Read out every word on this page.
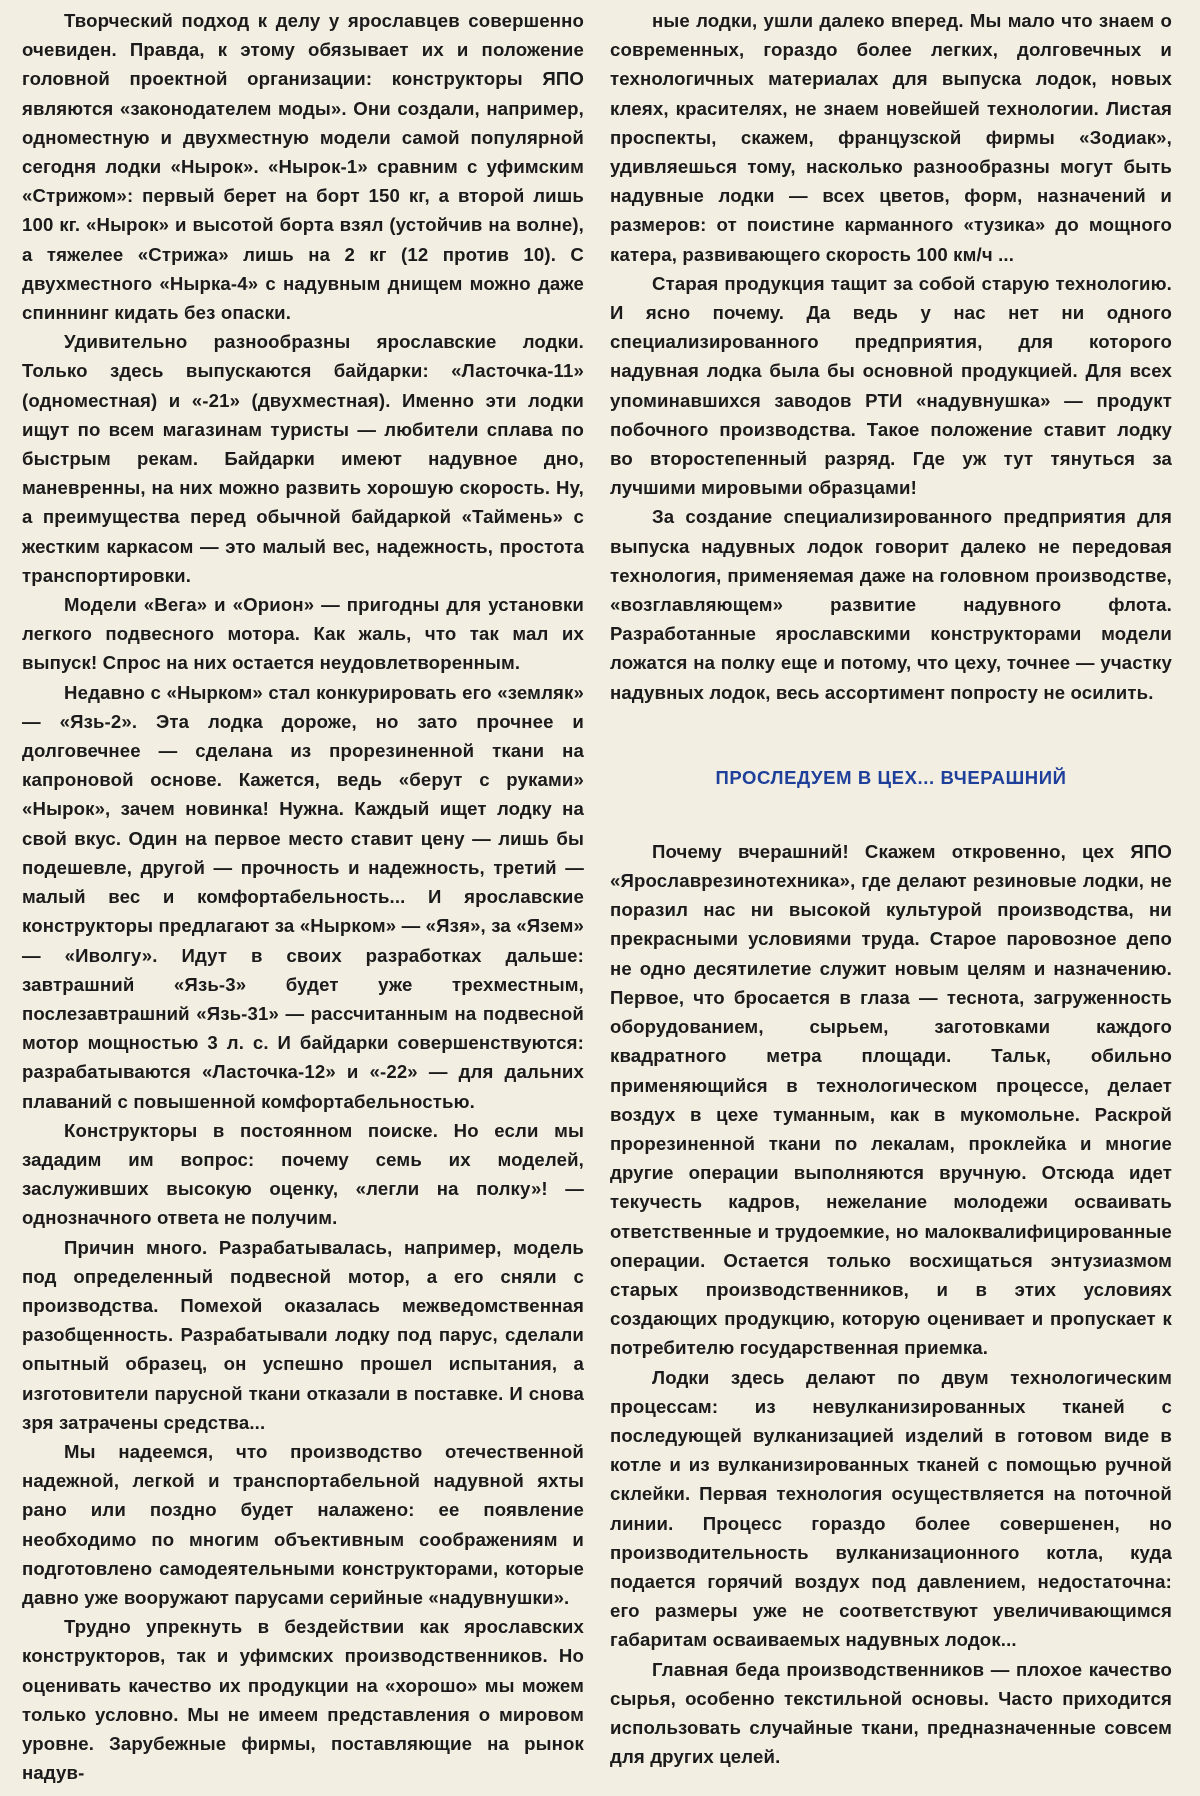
Творческий подход к делу у ярославцев совершенно очевиден. Правда, к этому обязывает их и положение головной проектной организации: конструкторы ЯПО являются «законодателем моды». Они создали, например, одноместную и двухместную модели самой популярной сегодня лодки «Нырок». «Нырок-1» сравним с уфимским «Стрижом»: первый берет на борт 150 кг, а второй лишь 100 кг. «Нырок» и высотой борта взял (устойчив на волне), а тяжелее «Стрижа» лишь на 2 кг (12 против 10). С двухместного «Нырка-4» с надувным днищем можно даже спиннинг кидать без опаски.

Удивительно разнообразны ярославские лодки. Только здесь выпускаются байдарки: «Ласточка-11» (одноместная) и «-21» (двухместная). Именно эти лодки ищут по всем магазинам туристы — любители сплава по быстрым рекам. Байдарки имеют надувное дно, маневренны, на них можно развить хорошую скорость. Ну, а преимущества перед обычной байдаркой «Таймень» с жестким каркасом — это малый вес, надежность, простота транспортировки.

Модели «Вега» и «Орион» — пригодны для установки легкого подвесного мотора. Как жаль, что так мал их выпуск! Спрос на них остается неудовлетворенным.

Недавно с «Нырком» стал конкурировать его «земляк» — «Язь-2». Эта лодка дороже, но зато прочнее и долговечнее — сделана из прорезиненной ткани на капроновой основе. Кажется, ведь «берут с руками» «Нырок», зачем новинка! Нужна. Каждый ищет лодку на свой вкус. Один на первое место ставит цену — лишь бы подешевле, другой — прочность и надежность, третий — малый вес и комфортабельность... И ярославские конструкторы предлагают за «Нырком» — «Язя», за «Язем» — «Иволгу». Идут в своих разработках дальше: завтрашний «Язь-3» будет уже трехместным, послезавтрашний «Язь-31» — рассчитанным на подвесной мотор мощностью 3 л. с. И байдарки совершенствуются: разрабатываются «Ласточка-12» и «-22» — для дальних плаваний с повышенной комфортабельностью.

Конструкторы в постоянном поиске. Но если мы зададим им вопрос: почему семь их моделей, заслуживших высокую оценку, «легли на полку»! — однозначного ответа не получим.

Причин много. Разрабатывалась, например, модель под определенный подвесной мотор, а его сняли с производства. Помехой оказалась межведомственная разобщенность. Разрабатывали лодку под парус, сделали опытный образец, он успешно прошел испытания, а изготовители парусной ткани отказали в поставке. И снова зря затрачены средства...

Мы надеемся, что производство отечественной надежной, легкой и транспортабельной надувной яхты рано или поздно будет налажено: ее появление необходимо по многим объективным соображениям и подготовлено самодеятельными конструкторами, которые давно уже вооружают парусами серийные «надувнушки».

Трудно упрекнуть в бездействии как ярославских конструкторов, так и уфимских производственников. Но оценивать качество их продукции на «хорошо» мы можем только условно. Мы не имеем представления о мировом уровне. Зарубежные фирмы, поставляющие на рынок надув-

ные лодки, ушли далеко вперед. Мы мало что знаем о современных, гораздо более легких, долговечных и технологичных материалах для выпуска лодок, новых клеях, красителях, не знаем новейшей технологии. Листая проспекты, скажем, французской фирмы «Зодиак», удивляешься тому, насколько разнообразны могут быть надувные лодки — всех цветов, форм, назначений и размеров: от поистине карманного «тузика» до мощного катера, развивающего скорость 100 км/ч ...

Старая продукция тащит за собой старую технологию. И ясно почему. Да ведь у нас нет ни одного специализированного предприятия, для которого надувная лодка была бы основной продукцией. Для всех упоминавшихся заводов РТИ «надувнушка» — продукт побочного производства. Такое положение ставит лодку во второстепенный разряд. Где уж тут тянуться за лучшими мировыми образцами!

За создание специализированного предприятия для выпуска надувных лодок говорит далеко не передовая технология, применяемая даже на головном производстве, «возглавляющем» развитие надувного флота. Разработанные ярославскими конструкторами модели ложатся на полку еще и потому, что цеху, точнее — участку надувных лодок, весь ассортимент попросту не осилить.

ПРОСЛЕДУЕМ В ЦЕХ... ВЧЕРАШНИЙ

Почему вчерашний! Скажем откровенно, цех ЯПО «Ярославрезинотехника», где делают резиновые лодки, не поразил нас ни высокой культурой производства, ни прекрасными условиями труда. Старое паровозное депо не одно десятилетие служит новым целям и назначению. Первое, что бросается в глаза — теснота, загруженность оборудованием, сырьем, заготовками каждого квадратного метра площади. Тальк, обильно применяющийся в технологическом процессе, делает воздух в цехе туманным, как в мукомольне. Раскрой прорезиненной ткани по лекалам, проклейка и многие другие операции выполняются вручную. Отсюда идет текучесть кадров, нежелание молодежи осваивать ответственные и трудоемкие, но малоквалифицированные операции. Остается только восхищаться энтузиазмом старых производственников, и в этих условиях создающих продукцию, которую оценивает и пропускает к потребителю государственная приемка.

Лодки здесь делают по двум технологическим процессам: из невулканизированных тканей с последующей вулканизацией изделий в готовом виде в котле и из вулканизированных тканей с помощью ручной склейки. Первая технология осуществляется на поточной линии. Процесс гораздо более совершенен, но производительность вулканизационного котла, куда подается горячий воздух под давлением, недостаточна: его размеры уже не соответствуют увеличивающимся габаритам осваиваемых надувных лодок...

Главная беда производственников — плохое качество сырья, особенно текстильной основы. Часто приходится использовать случайные ткани, предназначенные совсем для других целей.
